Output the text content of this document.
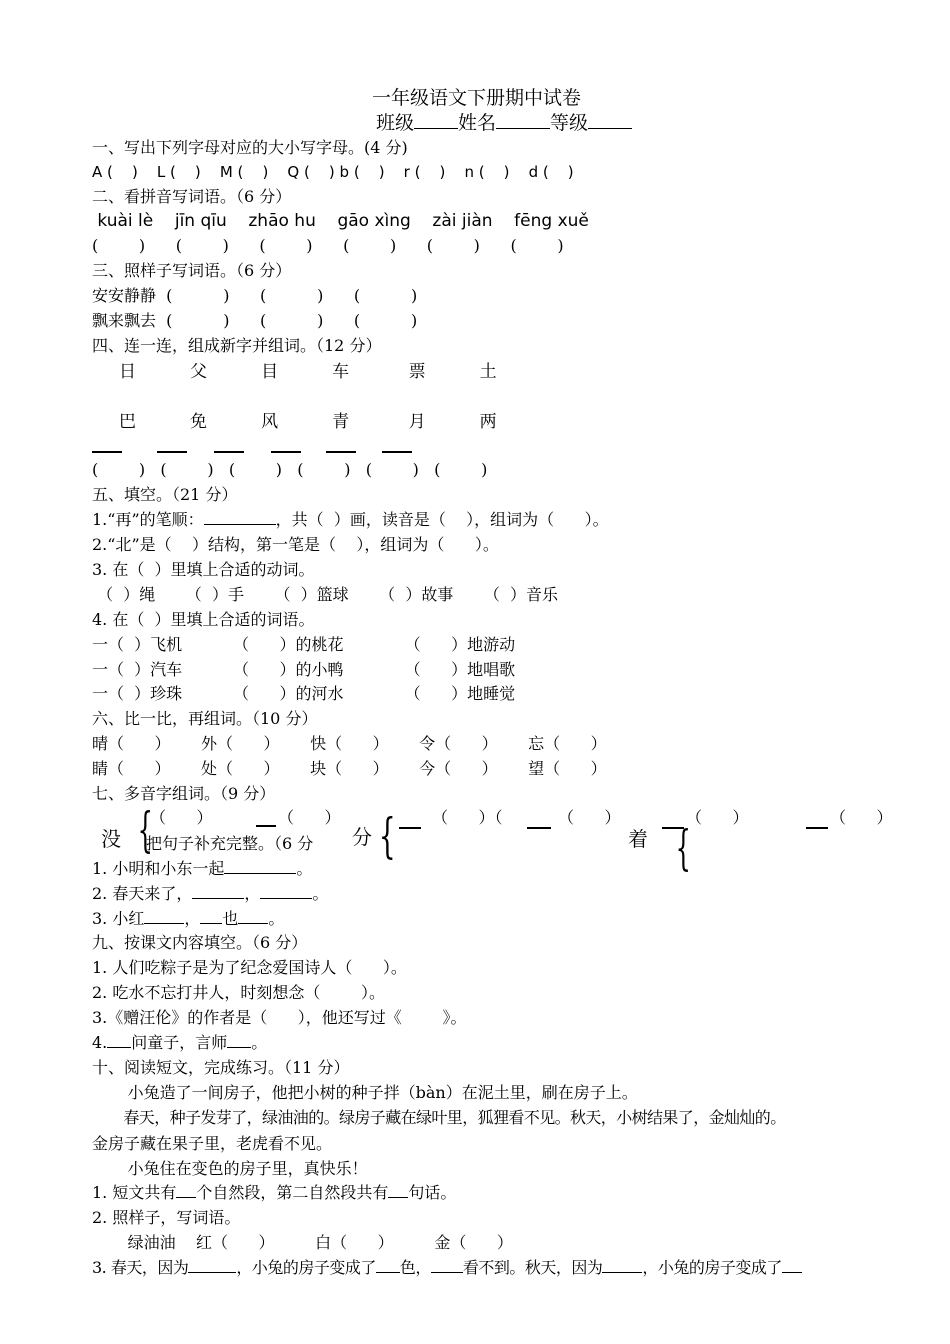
一年级语文下册期中试卷
班级 姓名	等级
一、写出下列字母对应的大小写字母。(4 分)
A (    )    L (    )    M (    )    Q (    ) b (    )    r (    )    n (    )    d (    )
二、看拼音写词语。（6 分）
kuài lè    jīn qīu    zhāo hu    gāo xìng    zài jiàn    fēng xuě
(        )      (        )      (        )      (        )      (        )      (        )
三、照样子写词语。（6 分）
安安静静  (          )      (          )      (          )
飘来飘去  (          )      (          )      (          )
四、连一连，组成新字并组词。（12 分）
日          父          目          车           票          土
巴          免          风          青           月          两
(        )   (        )   (        )   (        )   (        )   (        )
五、填空。（21 分）
1.“再”的笔顺：	，共（  ）画，读音是（    ），组词为（      ）。
2.“北”是（    ）结构，第一笔是（    ），组词为（      ）。
3. 在（  ）里填上合适的动词。
（  ）绳      （  ）手      （  ）篮球      （  ）故事      （  ）音乐
4. 在（  ）里填上合适的词语。
一（  ）飞机          （      ）的桃花            （      ）地游动
一（  ）汽车          （      ）的小鸭            （      ）地唱歌
一（  ）珍珠          （      ）的河水            （      ）地睡觉
六、比一比，再组词。（10 分）
晴（      ）      外（      ）      快（      ）      令（      ）      忘（      ）
睛（      ）      处（      ）      块（      ）      今（      ）      望（      ）
七、多音字组词。（9 分）
没 {
（      ）	（      ）
分 { （      ）（	（      ）
着 {
（      ）	（      ）
把句子补充完整。（6 分
1. 小明和小东一起	。
2. 春天来了，	，	。
3. 小红	， 也 。
九、按课文内容填空。（6 分）
1. 人们吃粽子是为了纪念爱国诗人（      ）。
2. 吃水不忘打井人，时刻想念（        ）。
3.《赠汪伦》的作者是（      ），他还写过《        》。
4. 问童子，言师 。
十、阅读短文，完成练习。（11 分）
小兔造了一间房子，他把小树的种子拌（bàn）在泥土里，刷在房子上。
春天，种子发芽了，绿油油的。绿房子藏在绿叶里，狐狸看不见。秋天，小树结果了，金灿灿的。
金房子藏在果子里，老虎看不见。
小兔住在变色的房子里，真快乐！
1. 短文共有 个自然段，第二自然段共有 句话。
2. 照样子，写词语。
绿油油    红（      ）        白（      ）        金（      ）
3. 春天，因为	，小兔的房子变成了 色， 看不到。秋天，因为	，小兔的房子变成了
